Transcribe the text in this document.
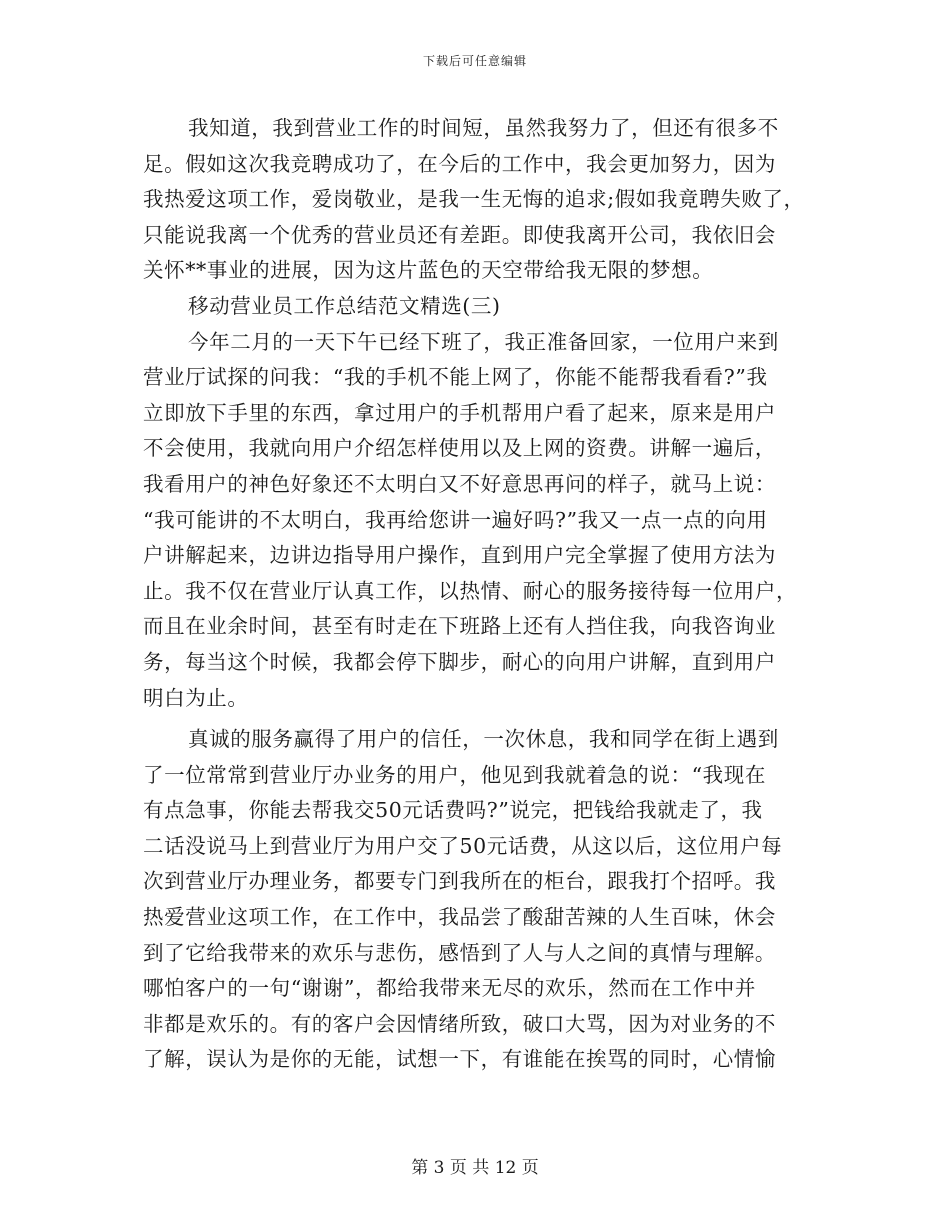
下载后可任意编辑
我知道，我到营业工作的时间短，虽然我努力了，但还有很多不
足。假如这次我竞聘成功了，在今后的工作中，我会更加努力，因为
我热爱这项工作，爱岗敬业，是我一生无悔的追求;假如我竟聘失败了，
只能说我离一个优秀的营业员还有差距。即使我离开公司，我依旧会
关怀**事业的进展，因为这片蓝色的天空带给我无限的梦想。
移动营业员工作总结范文精选(三)
今年二月的一天下午已经下班了，我正准备回家，一位用户来到
营业厅试探的问我：“我的手机不能上网了，你能不能帮我看看?”我
立即放下手里的东西，拿过用户的手机帮用户看了起来，原来是用户
不会使用，我就向用户介绍怎样使用以及上网的资费。讲解一遍后，
我看用户的神色好象还不太明白又不好意思再问的样子，就马上说：
“我可能讲的不太明白，我再给您讲一遍好吗?”我又一点一点的向用
户讲解起来，边讲边指导用户操作，直到用户完全掌握了使用方法为
止。我不仅在营业厅认真工作，以热情、耐心的服务接待每一位用户，
而且在业余时间，甚至有时走在下班路上还有人挡住我，向我咨询业
务，每当这个时候，我都会停下脚步，耐心的向用户讲解，直到用户
明白为止。
真诚的服务赢得了用户的信任，一次休息，我和同学在街上遇到
了一位常常到营业厅办业务的用户，他见到我就着急的说：“我现在
有点急事，你能去帮我交50元话费吗?”说完，把钱给我就走了，我
二话没说马上到营业厅为用户交了50元话费，从这以后，这位用户每
次到营业厅办理业务，都要专门到我所在的柜台，跟我打个招呼。我
热爱营业这项工作，在工作中，我品尝了酸甜苦辣的人生百味，休会
到了它给我带来的欢乐与悲伤，感悟到了人与人之间的真情与理解。
哪怕客户的一句“谢谢”，都给我带来无尽的欢乐，然而在工作中并
非都是欢乐的。有的客户会因情绪所致，破口大骂，因为对业务的不
了解，误认为是你的无能，试想一下，有谁能在挨骂的同时，心情愉
第 3 页 共 12 页
